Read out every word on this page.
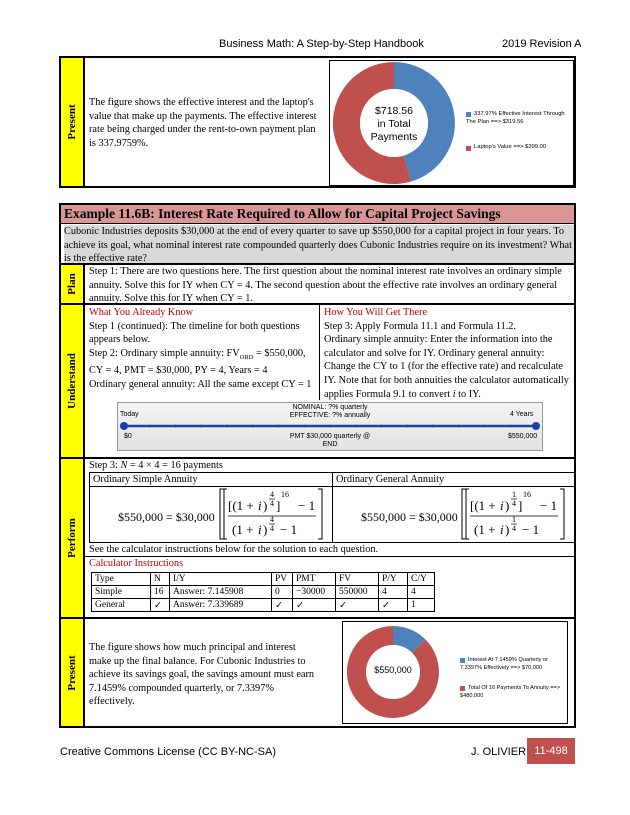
Business Math: A Step-by-Step Handbook	2019 Revision A
Present
The figure shows the effective interest and the laptop's value that make up the payments. The effective interest rate being charged under the rent-to-own payment plan is 337.9759%.
$718.56
in Total
Payments
337.97% Effective Interest Through The Plan ==> $319.56
Laptop's Value ==> $399.00
Example 11.6B: Interest Rate Required to Allow for Capital Project Savings
Cubonic Industries deposits $30,000 at the end of every quarter to save up $550,000 for a capital project in four years. To achieve its goal, what nominal interest rate compounded quarterly does Cubonic Industries require on its investment? What is the effective rate?
Plan
Step 1: There are two questions here. The first question about the nominal interest rate involves an ordinary simple annuity. Solve this for IY when CY = 4. The second question about the effective rate involves an ordinary general annuity. Solve this for IY when CY = 1.
Understand
What You Already Know
Step 1 (continued): The timeline for both questions appears below.
Step 2: Ordinary simple annuity: $FV_{ORD}$ = $550,000, CY = 4, PMT = $30,000, PY = 4, Years = 4
Ordinary general annuity: All the same except CY = 1
How You Will Get There
Step 3: Apply Formula 11.1 and Formula 11.2.
Ordinary simple annuity: Enter the information into the calculator and solve for IY. Ordinary general annuity: Change the CY to 1 (for the effective rate) and recalculate IY. Note that for both annuities the calculator automatically applies Formula 9.1 to convert i to IY.
Today	4 Years
NOMINAL: ?% quarterly
EFFECTIVE: ?% annually
$0	$550,000
PMT $30,000 quarterly @
END
Perform
Step 3: N = 4 × 4 = 16 payments
Ordinary Simple Annuity	Ordinary General Annuity
$550,000 = $30,000
[(1 + i )
4
4 ]
16
− 1
(1 + i )
4
4 − 1
$550,000 = $30,000
[(1 + i )
1
4 ]
16
− 1
(1 + i )
1
4 − 1
See the calculator instructions below for the solution to each question.
Calculator Instructions
Type	N	I/Y	PV	PMT	FV	P/Y	C/Y
Simple	16	Answer: 7.145908	0	−30000	550000	4	4
General	✓	Answer: 7.339689	✓	✓	✓	✓	1
Present
The figure shows how much principal and interest make up the final balance. For Cubonic Industries to achieve its savings goal, the savings amount must earn 7.1459% compounded quarterly, or 7.3397% effectively.
$550,000
Interest At 7.1459% Quarterly or 7.3397% Effectively ==> $70,000
Total Of 16 Payments To Annuity ==> $480,000
Creative Commons License (CC BY-NC-SA)	J. OLIVIER 11-498
